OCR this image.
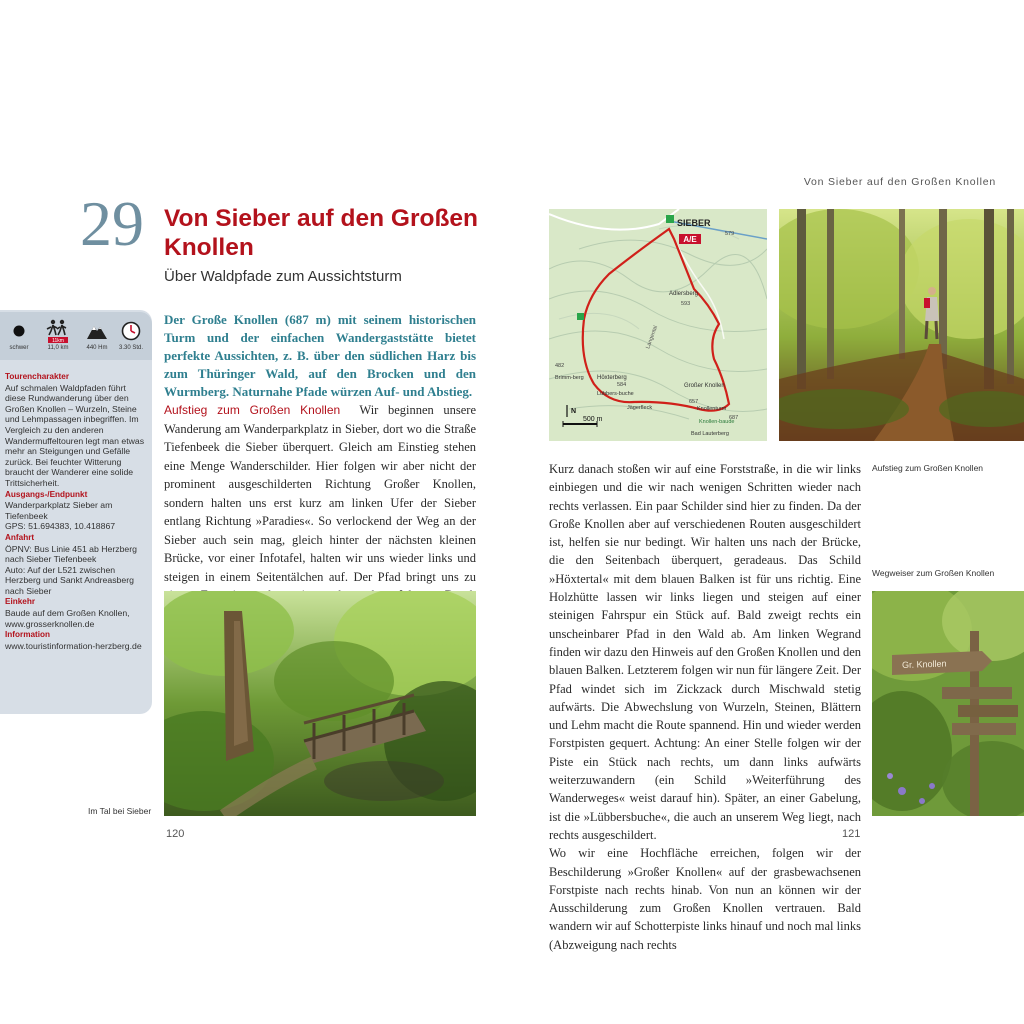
Von Sieber auf den Großen Knollen
29 Von Sieber auf den Großen Knollen
Über Waldpfade zum Aussichtsturm
Der Große Knollen (687 m) mit seinem historischen Turm und der einfachen Wandergaststätte bietet perfekte Aussichten, z. B. über den südlichen Harz bis zum Thüringer Wald, auf den Brocken und den Wurmberg. Naturnahe Pfade würzen Auf- und Abstieg.
schwer
11km
11,0 km	440 Hm	3.30 Std.
Tourencharakter
Auf schmalen Waldpfaden führt diese Rundwanderung über den Großen Knollen – Wurzeln, Steine und Lehmpassagen inbegriffen. Im Vergleich zu den anderen Wandermuffeltouren legt man etwas mehr an Steigungen und Gefälle zurück. Bei feuchter Witterung braucht der Wanderer eine solide Trittsicherheit.
Ausgangs-/Endpunkt
Wanderparkplatz Sieber am Tiefenbeek
GPS: 51.694383, 10.418867
Anfahrt
ÖPNV: Bus Linie 451 ab Herzberg nach Sieber Tiefenbeek
Auto: Auf der L521 zwischen Herzberg und Sankt Andreasberg nach Sieber
Einkehr
Baude auf dem Großen Knollen, www.grosserknollen.de
Information
www.touristinformation-herzberg.de
Aufstieg zum Großen Knollen Wir beginnen unsere Wanderung am Wanderparkplatz in Sieber, dort wo die Straße Tiefenbeek die Sieber überquert. Gleich am Einstieg stehen eine Menge Wanderschilder. Hier folgen wir aber nicht der prominent ausgeschilderten Richtung Großer Knollen, sondern halten uns erst kurz am linken Ufer der Sieber entlang Richtung »Paradies«. So verlockend der Weg an der Sieber auch sein mag, gleich hinter der nächsten kleinen Brücke, vor einer Infotafel, halten wir uns wieder links und steigen in einem Seitentälchen auf. Der Pfad bringt uns zu
Im Tal bei Sieber
A/E
SIEBER
579
Adlersberg
593
Langental
Höxterberg
584
482
Brimm-berg
Lübbers-buche
Jägerfleck
Großer Knollen
Knollenturm
657
687
Knollen-baude
Bad Lauterberg
500 m
N
Aufstieg zum Großen Knollen

Kurz danach stoßen wir auf eine Forststraße, in die wir links einbiegen und die wir nach wenigen Schritten wieder nach rechts verlassen. Ein paar Schilder sind hier zu finden. Da der Große Knollen aber auf verschiedenen Routen ausgeschildert ist, helfen sie nur bedingt. Wir halten uns nach der Brücke, die den Seitenbach überquert, geradeaus. Das Schild »Höxtertal« mit dem blauen Balken ist für uns richtig. Eine Holzhütte lassen wir links liegen und steigen auf einer steinigen Fahrspur ein Stück auf. Bald zweigt rechts ein unscheinbarer Pfad in den Wald ab. Am linken Wegrand finden wir dazu den Hinweis auf den Großen Knollen und den blauen Balken. Letzterem folgen wir nun für längere Zeit. Der Pfad windet sich im Zickzack durch Mischwald stetig aufwärts. Die Abwechslung von Wurzeln, Steinen, Blättern und Lehm macht die Route spannend. Hin und wieder werden Forstpisten gequert. Achtung: An einer Stelle folgen wir der Piste ein Stück nach rechts, um dann links aufwärts weiterzuwandern (ein Schild »Weiterführung des Wanderweges« weist darauf hin). Später, an einer Gabelung, ist die »Lübbersbuche«, die auch an unserem Weg liegt, nach rechts ausgeschildert.

Wo wir eine Hochfläche erreichen, folgen wir der Beschilderung »Großer Knollen« auf der grasbewachsenen Forstpiste nach rechts hinab. Von nun an können wir der Ausschilderung zum Großen Knollen vertrauen. Bald wandern wir auf Schotterpiste links hinauf und noch mal links (Abzweigung nach rechts

Wegweiser zum Großen Knollen
Gr. Knollen
120	121
